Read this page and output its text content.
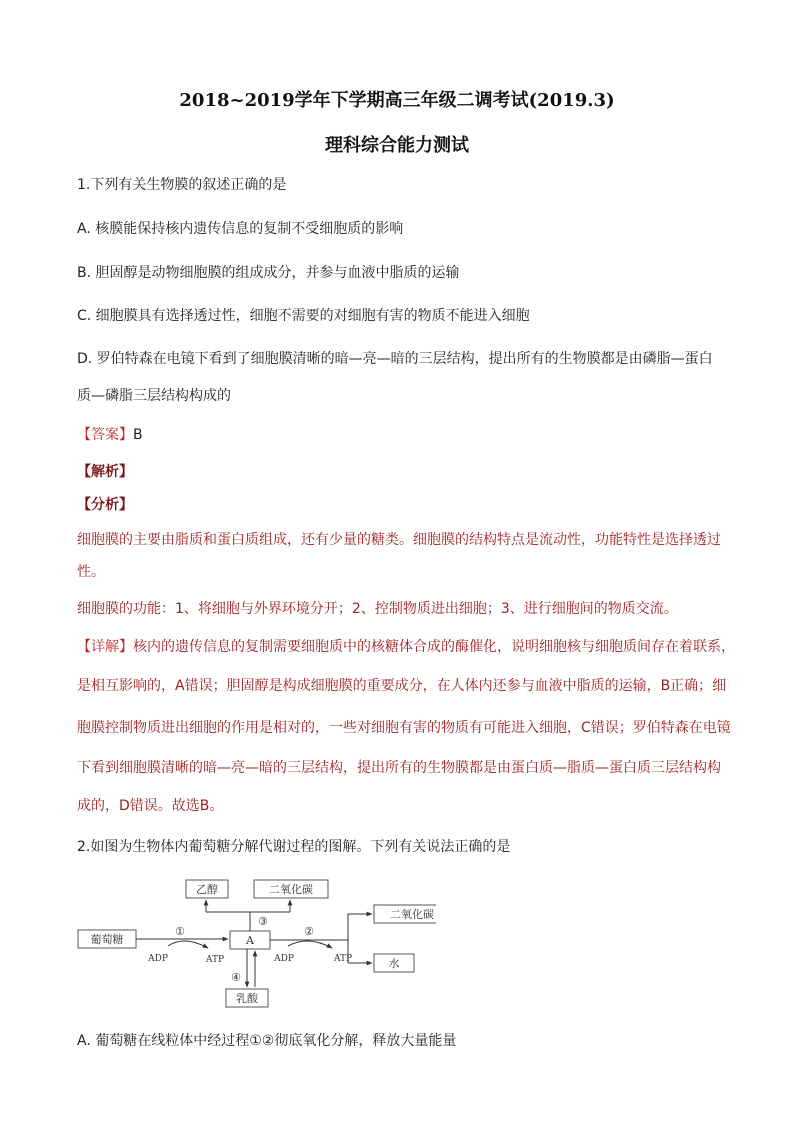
2018~2019学年下学期高三年级二调考试(2019.3)
理科综合能力测试
1.下列有关生物膜的叙述正确的是
A. 核膜能保持核内遗传信息的复制不受细胞质的影响
B. 胆固醇是动物细胞膜的组成成分，并参与血液中脂质的运输
C. 细胞膜具有选择透过性，细胞不需要的对细胞有害的物质不能进入细胞
D. 罗伯特森在电镜下看到了细胞膜清晰的暗—亮—暗的三层结构，提出所有的生物膜都是由磷脂—蛋白
质—磷脂三层结构构成的
【答案】B
【解析】
【分析】
细胞膜的主要由脂质和蛋白质组成，还有少量的糖类。细胞膜的结构特点是流动性，功能特性是选择透过
性。
细胞膜的功能：1、将细胞与外界环境分开；2、控制物质进出细胞；3、进行细胞间的物质交流。
【详解】核内的遗传信息的复制需要细胞质中的核糖体合成的酶催化，说明细胞核与细胞质间存在着联系，
是相互影响的，A错误；胆固醇是构成细胞膜的重要成分，在人体内还参与血液中脂质的运输，B正确；细
胞膜控制物质进出细胞的作用是相对的，一些对细胞有害的物质有可能进入细胞，C错误；罗伯特森在电镜
下看到细胞膜清晰的暗—亮—暗的三层结构，提出所有的生物膜都是由蛋白质—脂质—蛋白质三层结构构
成的，D错误。故选B。
2.如图为生物体内葡萄糖分解代谢过程的图解。下列有关说法正确的是
葡萄糖	A
乙醇	二氧化碳
二氧化碳
水
乳酸
①	②
③
④
ADP	ATP	ADP	ATP
A. 葡萄糖在线粒体中经过程①②彻底氧化分解，释放大量能量
